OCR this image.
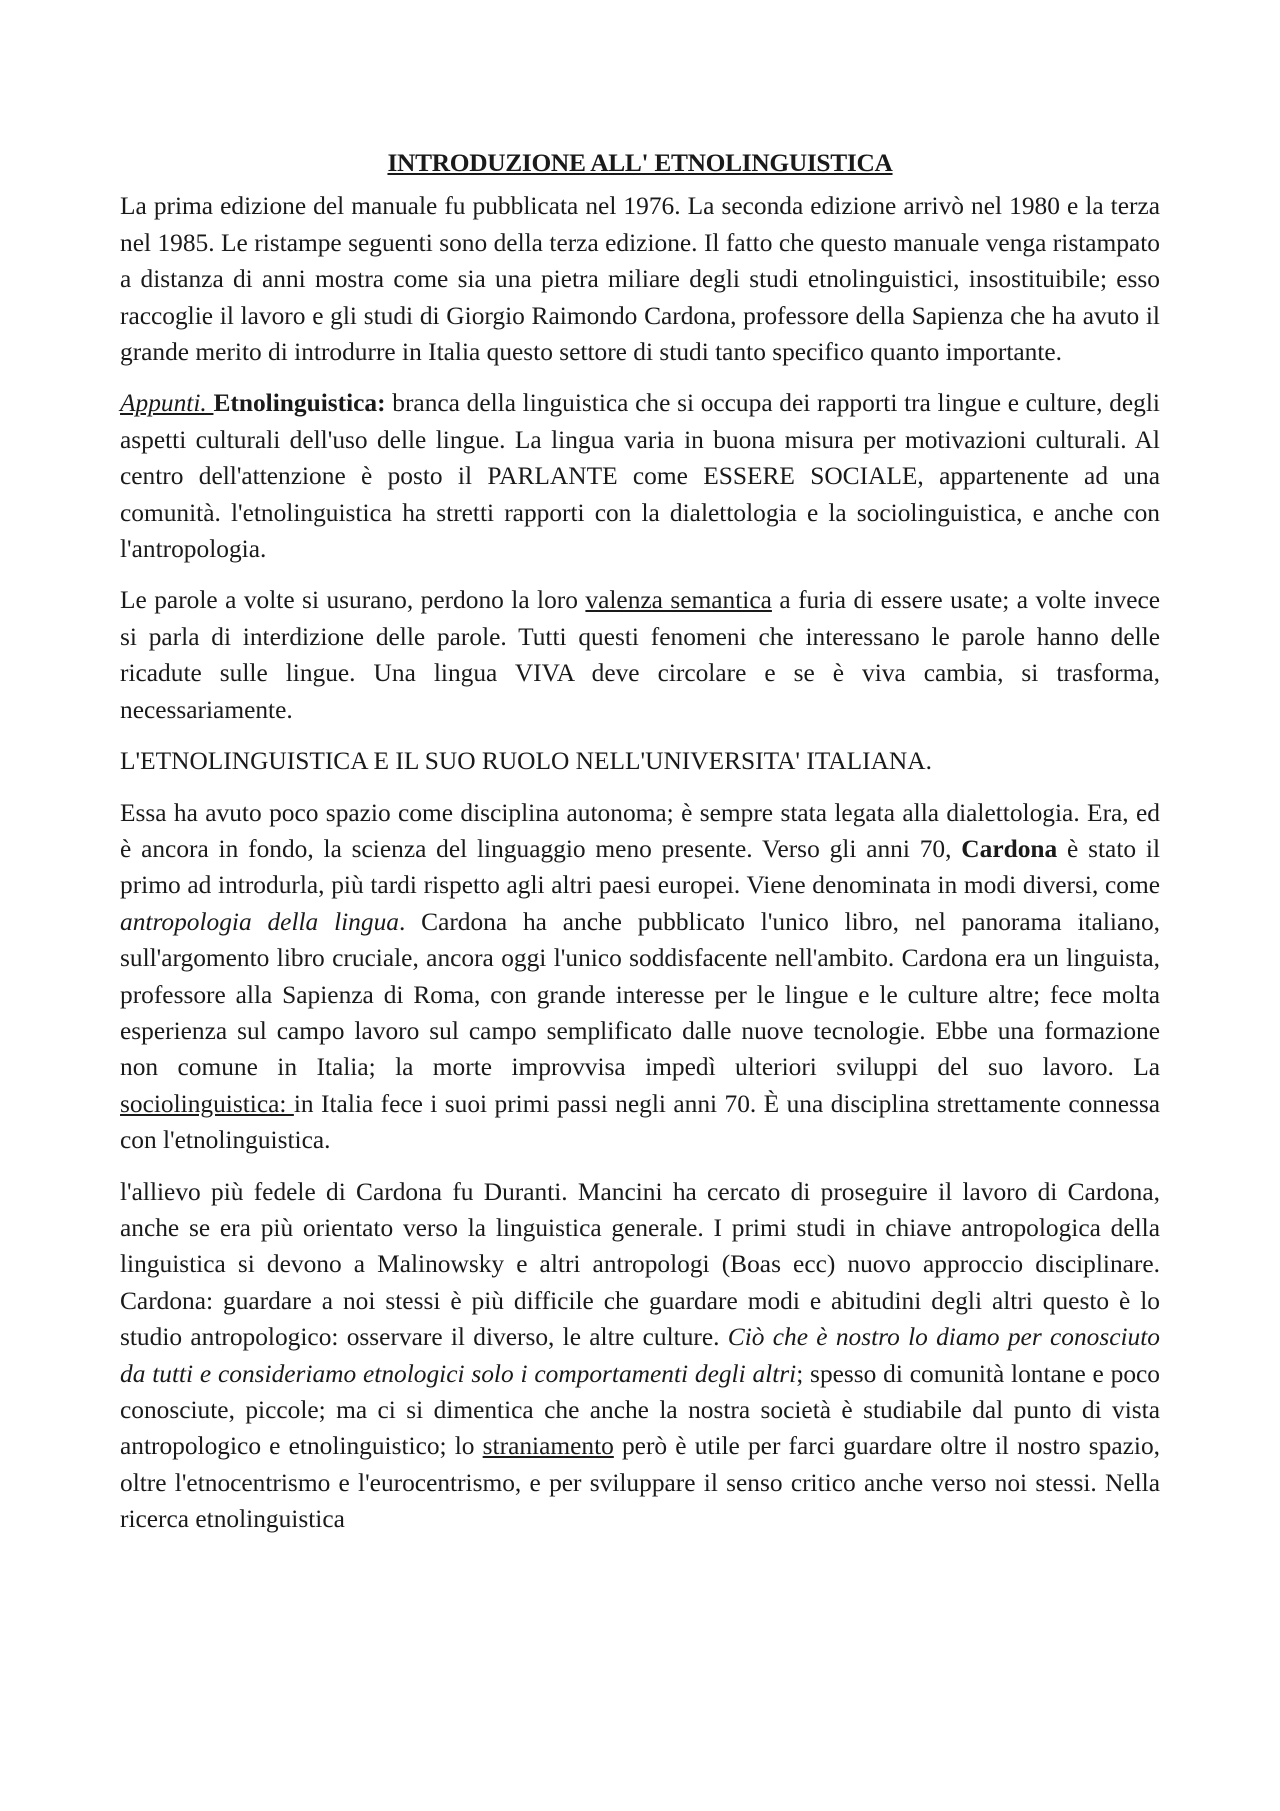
INTRODUZIONE ALL' ETNOLINGUISTICA

La prima edizione del manuale fu pubblicata nel 1976. La seconda edizione arrivò nel 1980 e la terza nel 1985. Le ristampe seguenti sono della terza edizione. Il fatto che questo manuale venga ristampato a distanza di anni mostra come sia una pietra miliare degli studi etnolinguistici, insostituibile; esso raccoglie il lavoro e gli studi di Giorgio Raimondo Cardona, professore della Sapienza che ha avuto il grande merito di introdurre in Italia questo settore di studi tanto specifico quanto importante.

Appunti. Etnolinguistica: branca della linguistica che si occupa dei rapporti tra lingue e culture, degli aspetti culturali dell'uso delle lingue. La lingua varia in buona misura per motivazioni culturali. Al centro dell'attenzione è posto il PARLANTE come ESSERE SOCIALE, appartenente ad una comunità. l'etnolinguistica ha stretti rapporti con la dialettologia e la sociolinguistica, e anche con l'antropologia.

Le parole a volte si usurano, perdono la loro valenza semantica a furia di essere usate; a volte invece si parla di interdizione delle parole. Tutti questi fenomeni che interessano le parole hanno delle ricadute sulle lingue. Una lingua VIVA deve circolare e se è viva cambia, si trasforma, necessariamente.

L'ETNOLINGUISTICA E IL SUO RUOLO NELL'UNIVERSITA' ITALIANA.

Essa ha avuto poco spazio come disciplina autonoma; è sempre stata legata alla dialettologia. Era, ed è ancora in fondo, la scienza del linguaggio meno presente. Verso gli anni 70, Cardona è stato il primo ad introdurla, più tardi rispetto agli altri paesi europei. Viene denominata in modi diversi, come antropologia della lingua. Cardona ha anche pubblicato l'unico libro, nel panorama italiano, sull'argomento libro cruciale, ancora oggi l'unico soddisfacente nell'ambito. Cardona era un linguista, professore alla Sapienza di Roma, con grande interesse per le lingue e le culture altre; fece molta esperienza sul campo lavoro sul campo semplificato dalle nuove tecnologie. Ebbe una formazione non comune in Italia; la morte improvvisa impedì ulteriori sviluppi del suo lavoro. La sociolinguistica: in Italia fece i suoi primi passi negli anni 70. È una disciplina strettamente connessa con l'etnolinguistica.

l'allievo più fedele di Cardona fu Duranti. Mancini ha cercato di proseguire il lavoro di Cardona, anche se era più orientato verso la linguistica generale. I primi studi in chiave antropologica della linguistica si devono a Malinowsky e altri antropologi (Boas ecc) nuovo approccio disciplinare. Cardona: guardare a noi stessi è più difficile che guardare modi e abitudini degli altri questo è lo studio antropologico: osservare il diverso, le altre culture. Ciò che è nostro lo diamo per conosciuto da tutti e consideriamo etnologici solo i comportamenti degli altri; spesso di comunità lontane e poco conosciute, piccole; ma ci si dimentica che anche la nostra società è studiabile dal punto di vista antropologico e etnolinguistico; lo straniamento però è utile per farci guardare oltre il nostro spazio, oltre l'etnocentrismo e l'eurocentrismo, e per sviluppare il senso critico anche verso noi stessi. Nella ricerca etnolinguistica
